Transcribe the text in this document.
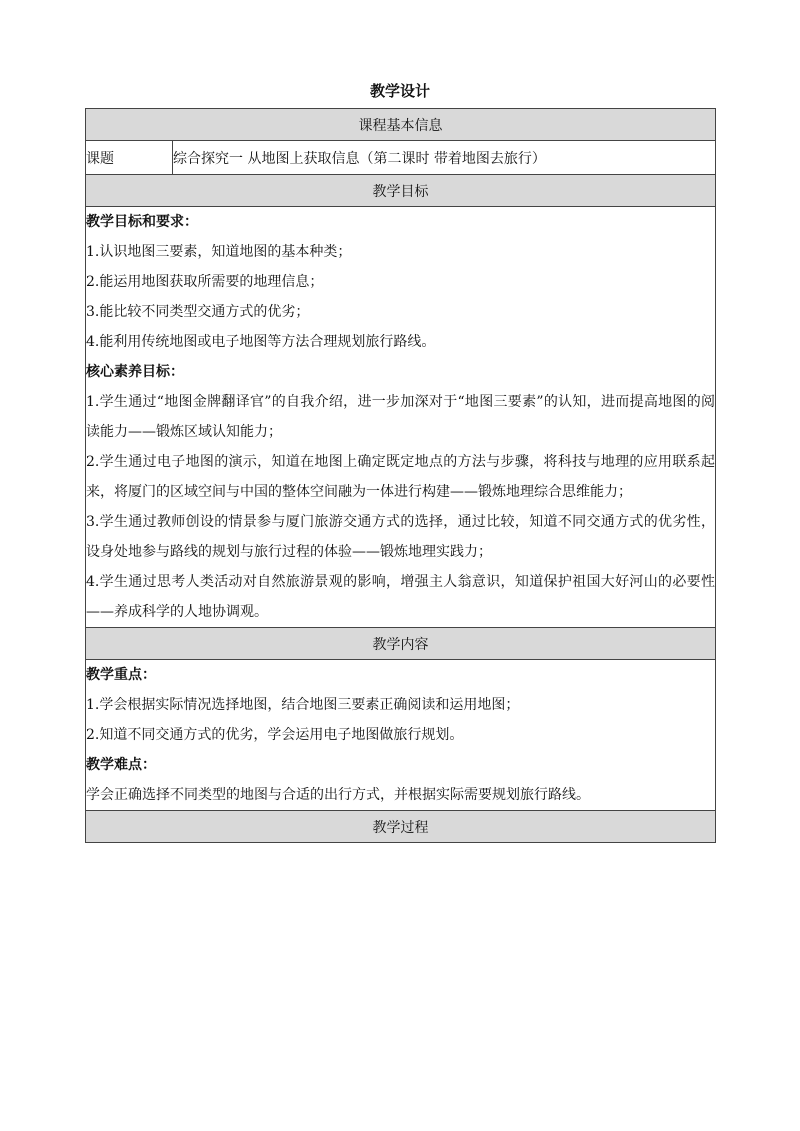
教学设计
课程基本信息
课题	综合探究一 从地图上获取信息（第二课时 带着地图去旅行）
教学目标

教学目标和要求：
1.认识地图三要素，知道地图的基本种类；
2.能运用地图获取所需要的地理信息；
3.能比较不同类型交通方式的优劣；
4.能利用传统地图或电子地图等方法合理规划旅行路线。
核心素养目标：
1.学生通过“地图金牌翻译官”的自我介绍，进一步加深对于“地图三要素”的认知，进而提高地图的阅读能力——锻炼区域认知能力；
2.学生通过电子地图的演示，知道在地图上确定既定地点的方法与步骤，将科技与地理的应用联系起来，将厦门的区域空间与中国的整体空间融为一体进行构建——锻炼地理综合思维能力；
3.学生通过教师创设的情景参与厦门旅游交通方式的选择，通过比较，知道不同交通方式的优劣性，设身处地参与路线的规划与旅行过程的体验——锻炼地理实践力；
4.学生通过思考人类活动对自然旅游景观的影响，增强主人翁意识，知道保护祖国大好河山的必要性——养成科学的人地协调观。

教学内容

教学重点：
1.学会根据实际情况选择地图，结合地图三要素正确阅读和运用地图；
2.知道不同交通方式的优劣，学会运用电子地图做旅行规划。
教学难点：
学会正确选择不同类型的地图与合适的出行方式，并根据实际需要规划旅行路线。

教学过程
